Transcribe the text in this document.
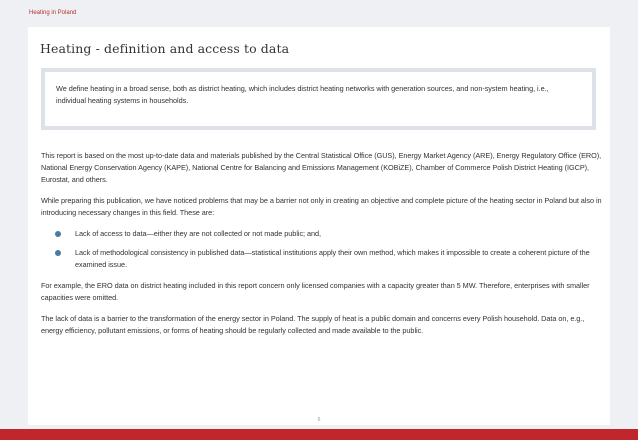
Heating in Poland
Heating - definition and access to data

We define heating in a broad sense, both as district heating, which includes district heating networks with generation sources, and non-system heating, i.e., individual heating systems in households.

This report is based on the most up-to-date data and materials published by the Central Statistical Office (GUS), Energy Market Agency (ARE), Energy Regulatory Office (ERO), National Energy Conservation Agency (KAPE), National Centre for Balancing and Emissions Management (KOBiZE), Chamber of Commerce Polish District Heating (IGCP), Eurostat, and others.

While preparing this publication, we have noticed problems that may be a barrier not only in creating an objective and complete picture of the heating sector in Poland but also in introducing necessary changes in this field. These are:

Lack of access to data—either they are not collected or not made public; and,
Lack of methodological consistency in published data—statistical institutions apply their own method, which makes it impossible to create a coherent picture of the examined issue.

For example, the ERO data on district heating included in this report concern only licensed companies with a capacity greater than 5 MW. Therefore, enterprises with smaller capacities were omitted.

The lack of data is a barrier to the transformation of the energy sector in Poland. The supply of heat is a public domain and concerns every Polish household. Data on, e.g., energy efficiency, pollutant emissions, or forms of heating should be regularly collected and made available to the public.

6
